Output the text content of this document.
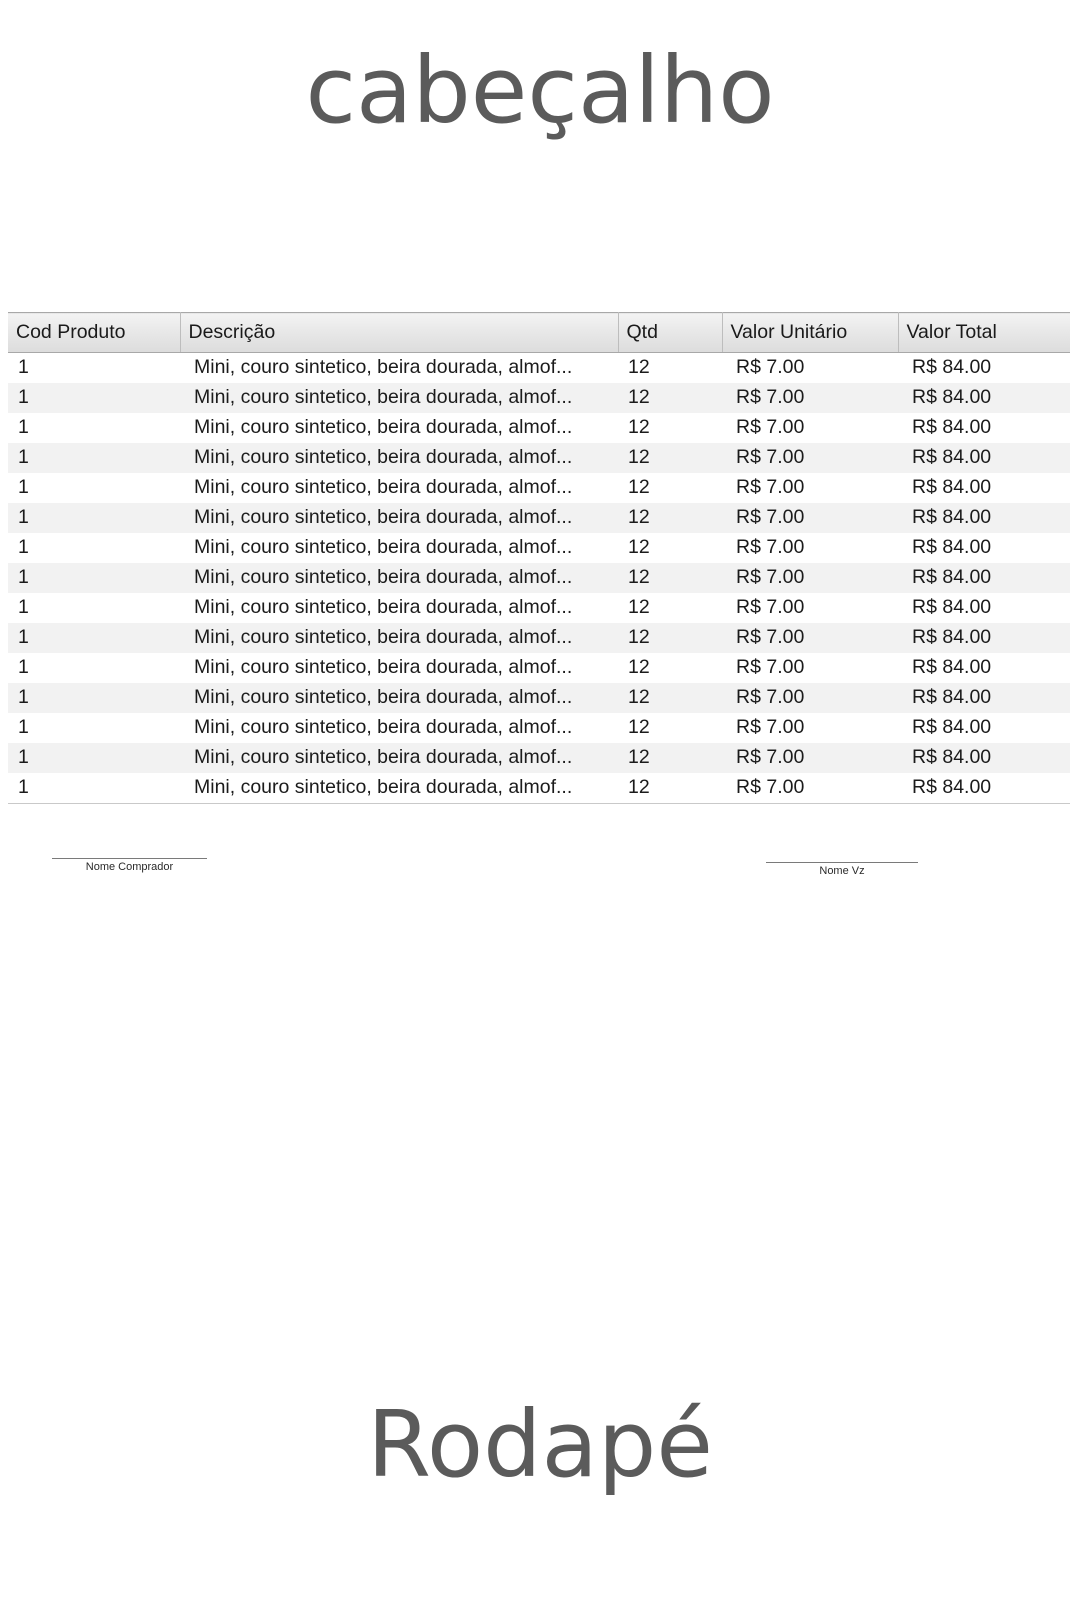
cabeçalho
Cod Produto	Descrição	Qtd	Valor Unitário	Valor Total
1	Mini, couro sintetico, beira dourada, almof...	12	R$ 7.00	R$ 84.00
1	Mini, couro sintetico, beira dourada, almof...	12	R$ 7.00	R$ 84.00
1	Mini, couro sintetico, beira dourada, almof...	12	R$ 7.00	R$ 84.00
1	Mini, couro sintetico, beira dourada, almof...	12	R$ 7.00	R$ 84.00
1	Mini, couro sintetico, beira dourada, almof...	12	R$ 7.00	R$ 84.00
1	Mini, couro sintetico, beira dourada, almof...	12	R$ 7.00	R$ 84.00
1	Mini, couro sintetico, beira dourada, almof...	12	R$ 7.00	R$ 84.00
1	Mini, couro sintetico, beira dourada, almof...	12	R$ 7.00	R$ 84.00
1	Mini, couro sintetico, beira dourada, almof...	12	R$ 7.00	R$ 84.00
1	Mini, couro sintetico, beira dourada, almof...	12	R$ 7.00	R$ 84.00
1	Mini, couro sintetico, beira dourada, almof...	12	R$ 7.00	R$ 84.00
1	Mini, couro sintetico, beira dourada, almof...	12	R$ 7.00	R$ 84.00
1	Mini, couro sintetico, beira dourada, almof...	12	R$ 7.00	R$ 84.00
1	Mini, couro sintetico, beira dourada, almof...	12	R$ 7.00	R$ 84.00
1	Mini, couro sintetico, beira dourada, almof...	12	R$ 7.00	R$ 84.00
Nome Comprador	Nome Vz
Rodapé
